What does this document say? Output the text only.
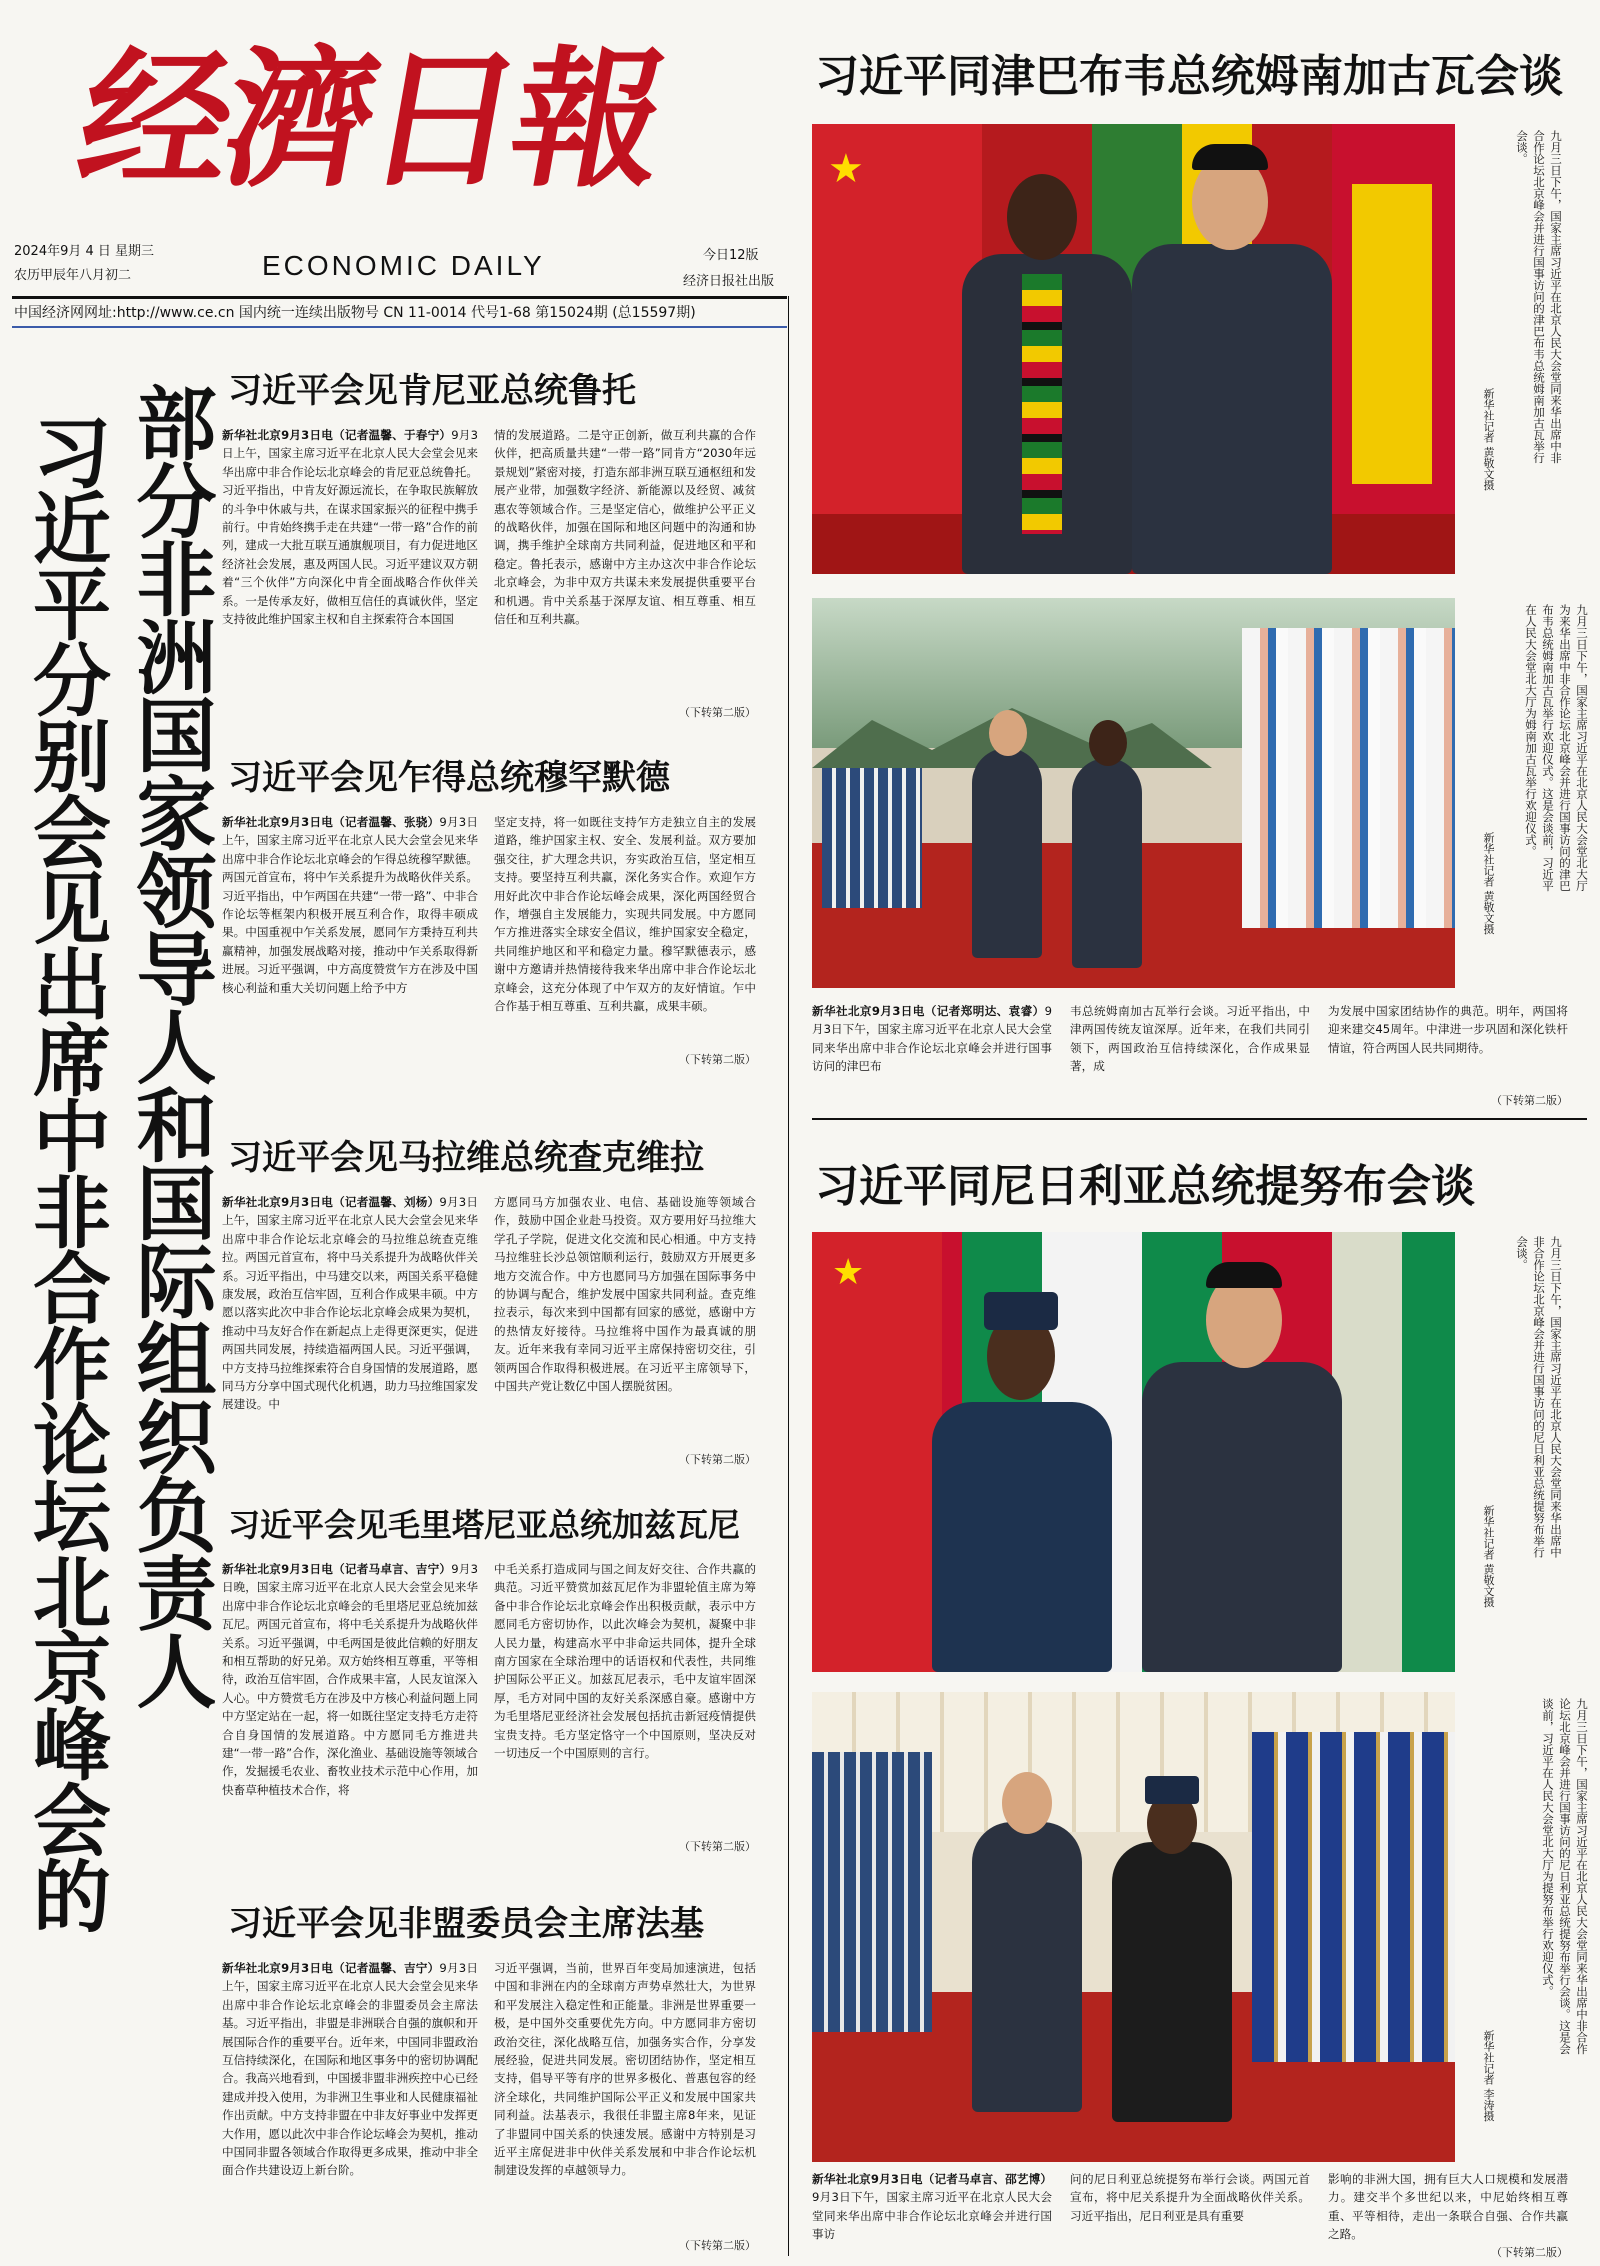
经濟日報
2024年9月 4 日 星期三
农历甲辰年八月初二	ECONOMIC DAILY	今日12版
经济日报社出版
中国经济网网址:http://www.ce.cn 国内统一连续出版物号 CN 11-0014 代号1-68 第15024期 (总15597期)
部分非洲国家领导人和国际组织负责人
习近平分别会见出席中非合作论坛北京峰会的
习近平会见肯尼亚总统鲁托
新华社北京9月3日电（记者温馨、于春宁）9月3日上午，国家主席习近平在北京人民大会堂会见来华出席中非合作论坛北京峰会的肯尼亚总统鲁托。习近平指出，中肯友好源远流长，在争取民族解放的斗争中休戚与共，在谋求国家振兴的征程中携手前行。中肯始终携手走在共建“一带一路”合作的前列，建成一大批互联互通旗舰项目，有力促进地区经济社会发展，惠及两国人民。习近平建议双方朝着“三个伙伴”方向深化中肯全面战略合作伙伴关系。一是传承友好，做相互信任的真诚伙伴，坚定支持彼此维护国家主权和自主探索符合本国国
情的发展道路。二是守正创新，做互利共赢的合作伙伴，把高质量共建“一带一路”同肯方“2030年远景规划”紧密对接，打造东部非洲互联互通枢纽和发展产业带，加强数字经济、新能源以及经贸、减贫惠农等领域合作。三是坚定信心，做维护公平正义的战略伙伴，加强在国际和地区问题中的沟通和协调，携手维护全球南方共同利益，促进地区和平和稳定。鲁托表示，感谢中方主办这次中非合作论坛北京峰会，为非中双方共谋未来发展提供重要平台和机遇。肯中关系基于深厚友谊、相互尊重、相互信任和互利共赢。
（下转第二版）
习近平会见乍得总统穆罕默德
新华社北京9月3日电（记者温馨、张骁）9月3日上午，国家主席习近平在北京人民大会堂会见来华出席中非合作论坛北京峰会的乍得总统穆罕默德。两国元首宣布，将中乍关系提升为战略伙伴关系。习近平指出，中乍两国在共建“一带一路”、中非合作论坛等框架内积极开展互利合作，取得丰硕成果。中国重视中乍关系发展，愿同乍方秉持互利共赢精神，加强发展战略对接，推动中乍关系取得新进展。习近平强调，中方高度赞赏乍方在涉及中国核心利益和重大关切问题上给予中方
坚定支持，将一如既往支持乍方走独立自主的发展道路，维护国家主权、安全、发展利益。双方要加强交往，扩大理念共识，夯实政治互信，坚定相互支持。要坚持互利共赢，深化务实合作。欢迎乍方用好此次中非合作论坛峰会成果，深化两国经贸合作，增强自主发展能力，实现共同发展。中方愿同乍方推进落实全球安全倡议，维护国家安全稳定，共同维护地区和平和稳定力量。穆罕默德表示，感谢中方邀请并热情接待我来华出席中非合作论坛北京峰会，这充分体现了中乍双方的友好情谊。乍中合作基于相互尊重、互利共赢，成果丰硕。
（下转第二版）
习近平会见马拉维总统查克维拉
新华社北京9月3日电（记者温馨、刘杨）9月3日上午，国家主席习近平在北京人民大会堂会见来华出席中非合作论坛北京峰会的马拉维总统查克维拉。两国元首宣布，将中马关系提升为战略伙伴关系。习近平指出，中马建交以来，两国关系平稳健康发展，政治互信牢固，互利合作成果丰硕。中方愿以落实此次中非合作论坛北京峰会成果为契机，推动中马友好合作在新起点上走得更深更实，促进两国共同发展，持续造福两国人民。习近平强调，中方支持马拉维探索符合自身国情的发展道路，愿同马方分享中国式现代化机遇，助力马拉维国家发展建设。中
方愿同马方加强农业、电信、基础设施等领域合作，鼓励中国企业赴马投资。双方要用好马拉维大学孔子学院，促进文化交流和民心相通。中方支持马拉维驻长沙总领馆顺利运行，鼓励双方开展更多地方交流合作。中方也愿同马方加强在国际事务中的协调与配合，维护发展中国家共同利益。查克维拉表示，每次来到中国都有回家的感觉，感谢中方的热情友好接待。马拉维将中国作为最真诚的朋友。近年来我有幸同习近平主席保持密切交往，引领两国合作取得积极进展。在习近平主席领导下，中国共产党让数亿中国人摆脱贫困。
（下转第二版）
习近平会见毛里塔尼亚总统加兹瓦尼
新华社北京9月3日电（记者马卓言、吉宁）9月3日晚，国家主席习近平在北京人民大会堂会见来华出席中非合作论坛北京峰会的毛里塔尼亚总统加兹瓦尼。两国元首宣布，将中毛关系提升为战略伙伴关系。习近平强调，中毛两国是彼此信赖的好朋友和相互帮助的好兄弟。双方始终相互尊重，平等相待，政治互信牢固，合作成果丰富，人民友谊深入人心。中方赞赏毛方在涉及中方核心利益问题上同中方坚定站在一起，将一如既往坚定支持毛方走符合自身国情的发展道路。中方愿同毛方推进共建“一带一路”合作，深化渔业、基础设施等领域合作，发掘援毛农业、畜牧业技术示范中心作用，加快畜草种植技术合作，将
中毛关系打造成同与国之间友好交往、合作共赢的典范。习近平赞赏加兹瓦尼作为非盟轮值主席为筹备中非合作论坛北京峰会作出积极贡献，表示中方愿同毛方密切协作，以此次峰会为契机，凝聚中非人民力量，构建高水平中非命运共同体，提升全球南方国家在全球治理中的话语权和代表性，共同维护国际公平正义。加兹瓦尼表示，毛中友谊牢固深厚，毛方对同中国的友好关系深感自豪。感谢中方为毛里塔尼亚经济社会发展包括抗击新冠疫情提供宝贵支持。毛方坚定恪守一个中国原则，坚决反对一切违反一个中国原则的言行。
（下转第二版）
习近平会见非盟委员会主席法基
新华社北京9月3日电（记者温馨、吉宁）9月3日上午，国家主席习近平在北京人民大会堂会见来华出席中非合作论坛北京峰会的非盟委员会主席法基。习近平指出，非盟是非洲联合自强的旗帜和开展国际合作的重要平台。近年来，中国同非盟政治互信持续深化，在国际和地区事务中的密切协调配合。我高兴地看到，中国援非盟非洲疾控中心已经建成并投入使用，为非洲卫生事业和人民健康福祉作出贡献。中方支持非盟在中非友好事业中发挥更大作用，愿以此次中非合作论坛峰会为契机，推动中国同非盟各领域合作取得更多成果，推动中非全面合作共建设迈上新台阶。
习近平强调，当前，世界百年变局加速演进，包括中国和非洲在内的全球南方声势卓然壮大，为世界和平发展注入稳定性和正能量。非洲是世界重要一极，是中国外交重要优先方向。中方愿同非方密切政治交往，深化战略互信，加强务实合作，分享发展经验，促进共同发展。密切团结协作，坚定相互支持，倡导平等有序的世界多极化、普惠包容的经济全球化，共同维护国际公平正义和发展中国家共同利益。法基表示，我很任非盟主席8年来，见证了非盟同中国关系的快速发展。感谢中方特别是习近平主席促进非中伙伴关系发展和中非合作论坛机制建设发挥的卓越领导力。
（下转第二版）
习近平同津巴布韦总统姆南加古瓦会谈
★	九月三日下午，国家主席习近平在北京人民大会堂同来华出席中非合作论坛北京峰会并进行国事访问的津巴布韦总统姆南加古瓦举行会谈。
新华社记者 黄敬文摄
九月三日下午，国家主席习近平在北京人民大会堂北大厅为来华出席中非合作论坛北京峰会并进行国事访问的津巴布韦总统姆南加古瓦举行欢迎仪式。这是会谈前，习近平在人民大会堂北大厅为姆南加古瓦举行欢迎仪式。
新华社记者 黄敬文摄
新华社北京9月3日电（记者郑明达、袁睿）9月3日下午，国家主席习近平在北京人民大会堂同来华出席中非合作论坛北京峰会并进行国事访问的津巴布
韦总统姆南加古瓦举行会谈。习近平指出，中津两国传统友谊深厚。近年来，在我们共同引领下，两国政治互信持续深化，合作成果显著，成
为发展中国家团结协作的典范。明年，两国将迎来建交45周年。中津进一步巩固和深化铁杆情谊，符合两国人民共同期待。
（下转第二版）
习近平同尼日利亚总统提努布会谈
★	九月三日下午，国家主席习近平在北京人民大会堂同来华出席中非合作论坛北京峰会并进行国事访问的尼日利亚总统提努布举行会谈。
新华社记者 黄敬文摄
九月三日下午，国家主席习近平在北京人民大会堂同来华出席中非合作论坛北京峰会并进行国事访问的尼日利亚总统提努布举行会谈。这是会谈前，习近平在人民大会堂北大厅为提努布举行欢迎仪式。
新华社记者 李涛摄
新华社北京9月3日电（记者马卓言、邵艺博）9月3日下午，国家主席习近平在北京人民大会堂同来华出席中非合作论坛北京峰会并进行国事访
问的尼日利亚总统提努布举行会谈。两国元首宣布，将中尼关系提升为全面战略伙伴关系。习近平指出，尼日利亚是具有重要
影响的非洲大国，拥有巨大人口规模和发展潜力。建交半个多世纪以来，中尼始终相互尊重、平等相待，走出一条联合自强、合作共赢之路。
（下转第二版）
